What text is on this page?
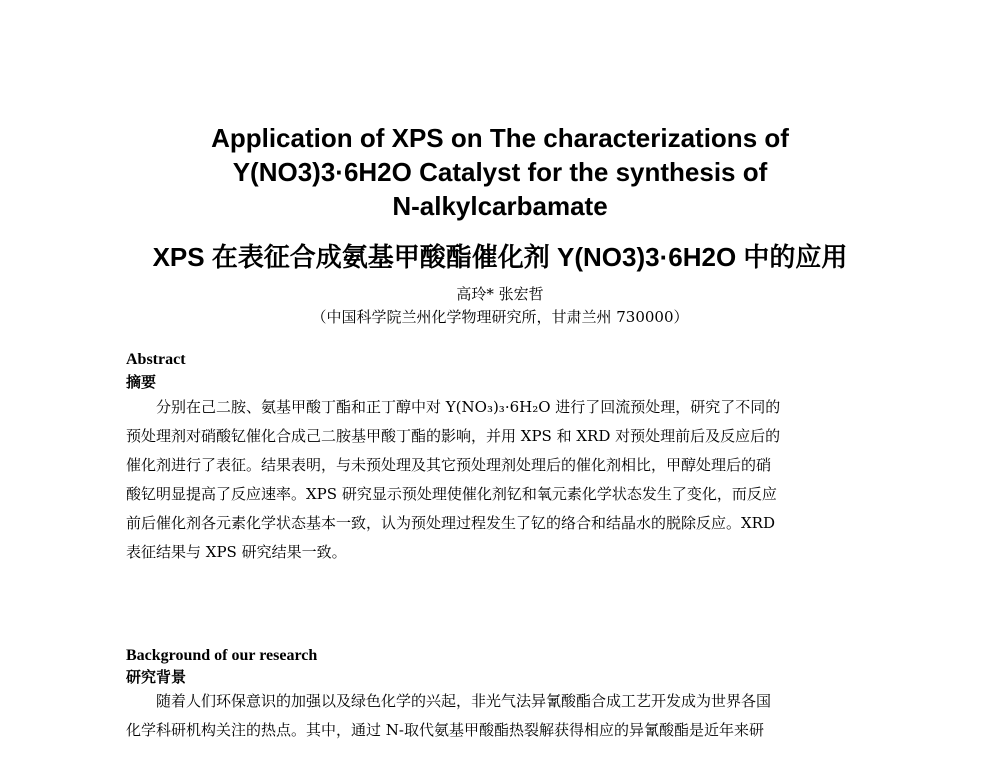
Application of XPS on The characterizations of
Y(NO3)3·6H2O Catalyst for the synthesis of
N-alkylcarbamate
XPS 在表征合成氨基甲酸酯催化剂 Y(NO3)3·6H2O 中的应用
高玲* 张宏哲
（中国科学院兰州化学物理研究所，甘肃兰州 730000）
Abstract
摘要
分别在己二胺、氨基甲酸丁酯和正丁醇中对 Y(NO₃)₃·6H₂O 进行了回流预处理，研究了不同的
预处理剂对硝酸钇催化合成己二胺基甲酸丁酯的影响，并用 XPS 和 XRD 对预处理前后及反应后的
催化剂进行了表征。结果表明，与未预处理及其它预处理剂处理后的催化剂相比，甲醇处理后的硝
酸钇明显提高了反应速率。XPS 研究显示预处理使催化剂钇和氧元素化学状态发生了变化，而反应
前后催化剂各元素化学状态基本一致，认为预处理过程发生了钇的络合和结晶水的脱除反应。XRD
表征结果与 XPS 研究结果一致。
Background of our research
研究背景
随着人们环保意识的加强以及绿色化学的兴起，非光气法异氰酸酯合成工艺开发成为世界各国
化学科研机构关注的热点。其中，通过 N-取代氨基甲酸酯热裂解获得相应的异氰酸酯是近年来研
